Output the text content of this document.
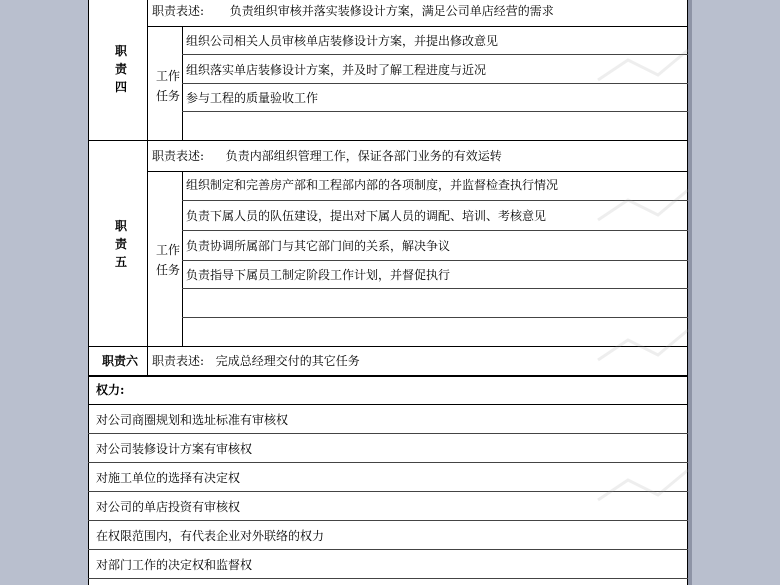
职
责
四
职责表述: 负责组织审核并落实装修设计方案，满足公司单店经营的需求
工作
任务
组织公司相关人员审核单店装修设计方案，并提出修改意见
组织落实单店装修设计方案，并及时了解工程进度与近况
参与工程的质量验收工作
职
责
五
职责表述: 负责内部组织管理工作，保证各部门业务的有效运转
工作
任务
组织制定和完善房产部和工程部内部的各项制度，并监督检查执行情况
负责下属人员的队伍建设，提出对下属人员的调配、培训、考核意见
负责协调所属部门与其它部门间的关系，解决争议
负责指导下属员工制定阶段工作计划，并督促执行
职责六 职责表述: 完成总经理交付的其它任务
权力:
对公司商圈规划和选址标准有审核权
对公司装修设计方案有审核权
对施工单位的选择有决定权
对公司的单店投资有审核权
在权限范围内，有代表企业对外联络的权力
对部门工作的决定权和监督权
